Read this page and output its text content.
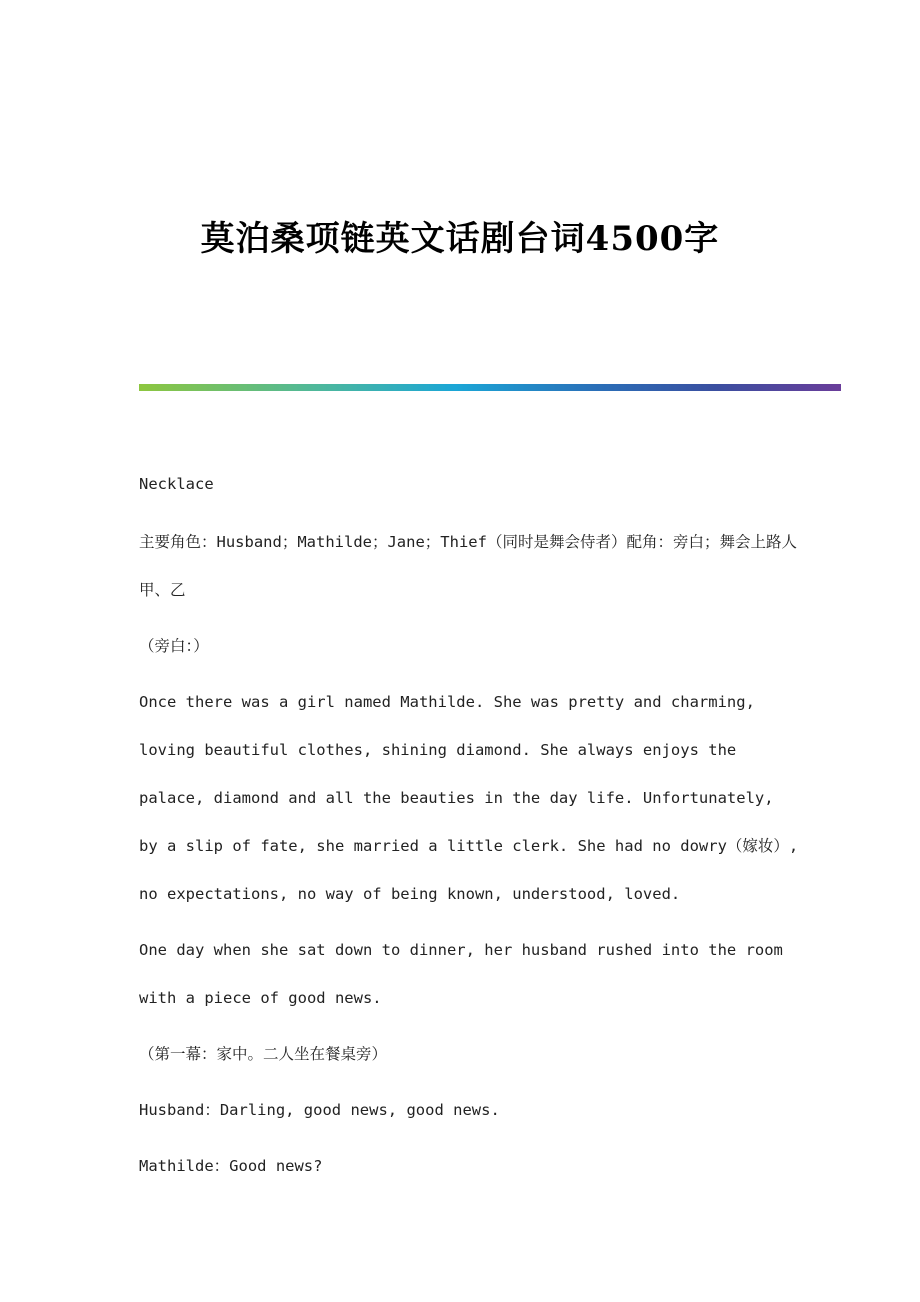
莫泊桑项链英文话剧台词4500字

Necklace

主要角色：Husband；Mathilde；Jane；Thief（同时是舞会侍者）配角：旁白；舞会上路人甲、乙

（旁白：）

Once there was a girl named Mathilde. She was pretty and charming, loving beautiful clothes, shining diamond. She always enjoys the palace, diamond and all the beauties in the day life. Unfortunately, by a slip of fate, she married a little clerk. She had no dowry（嫁妆）, no expectations, no way of being known, understood, loved.

One day when she sat down to dinner, her husband rushed into the room with a piece of good news.

（第一幕：家中。二人坐在餐桌旁）

Husband：Darling, good news, good news.

Mathilde：Good news?
